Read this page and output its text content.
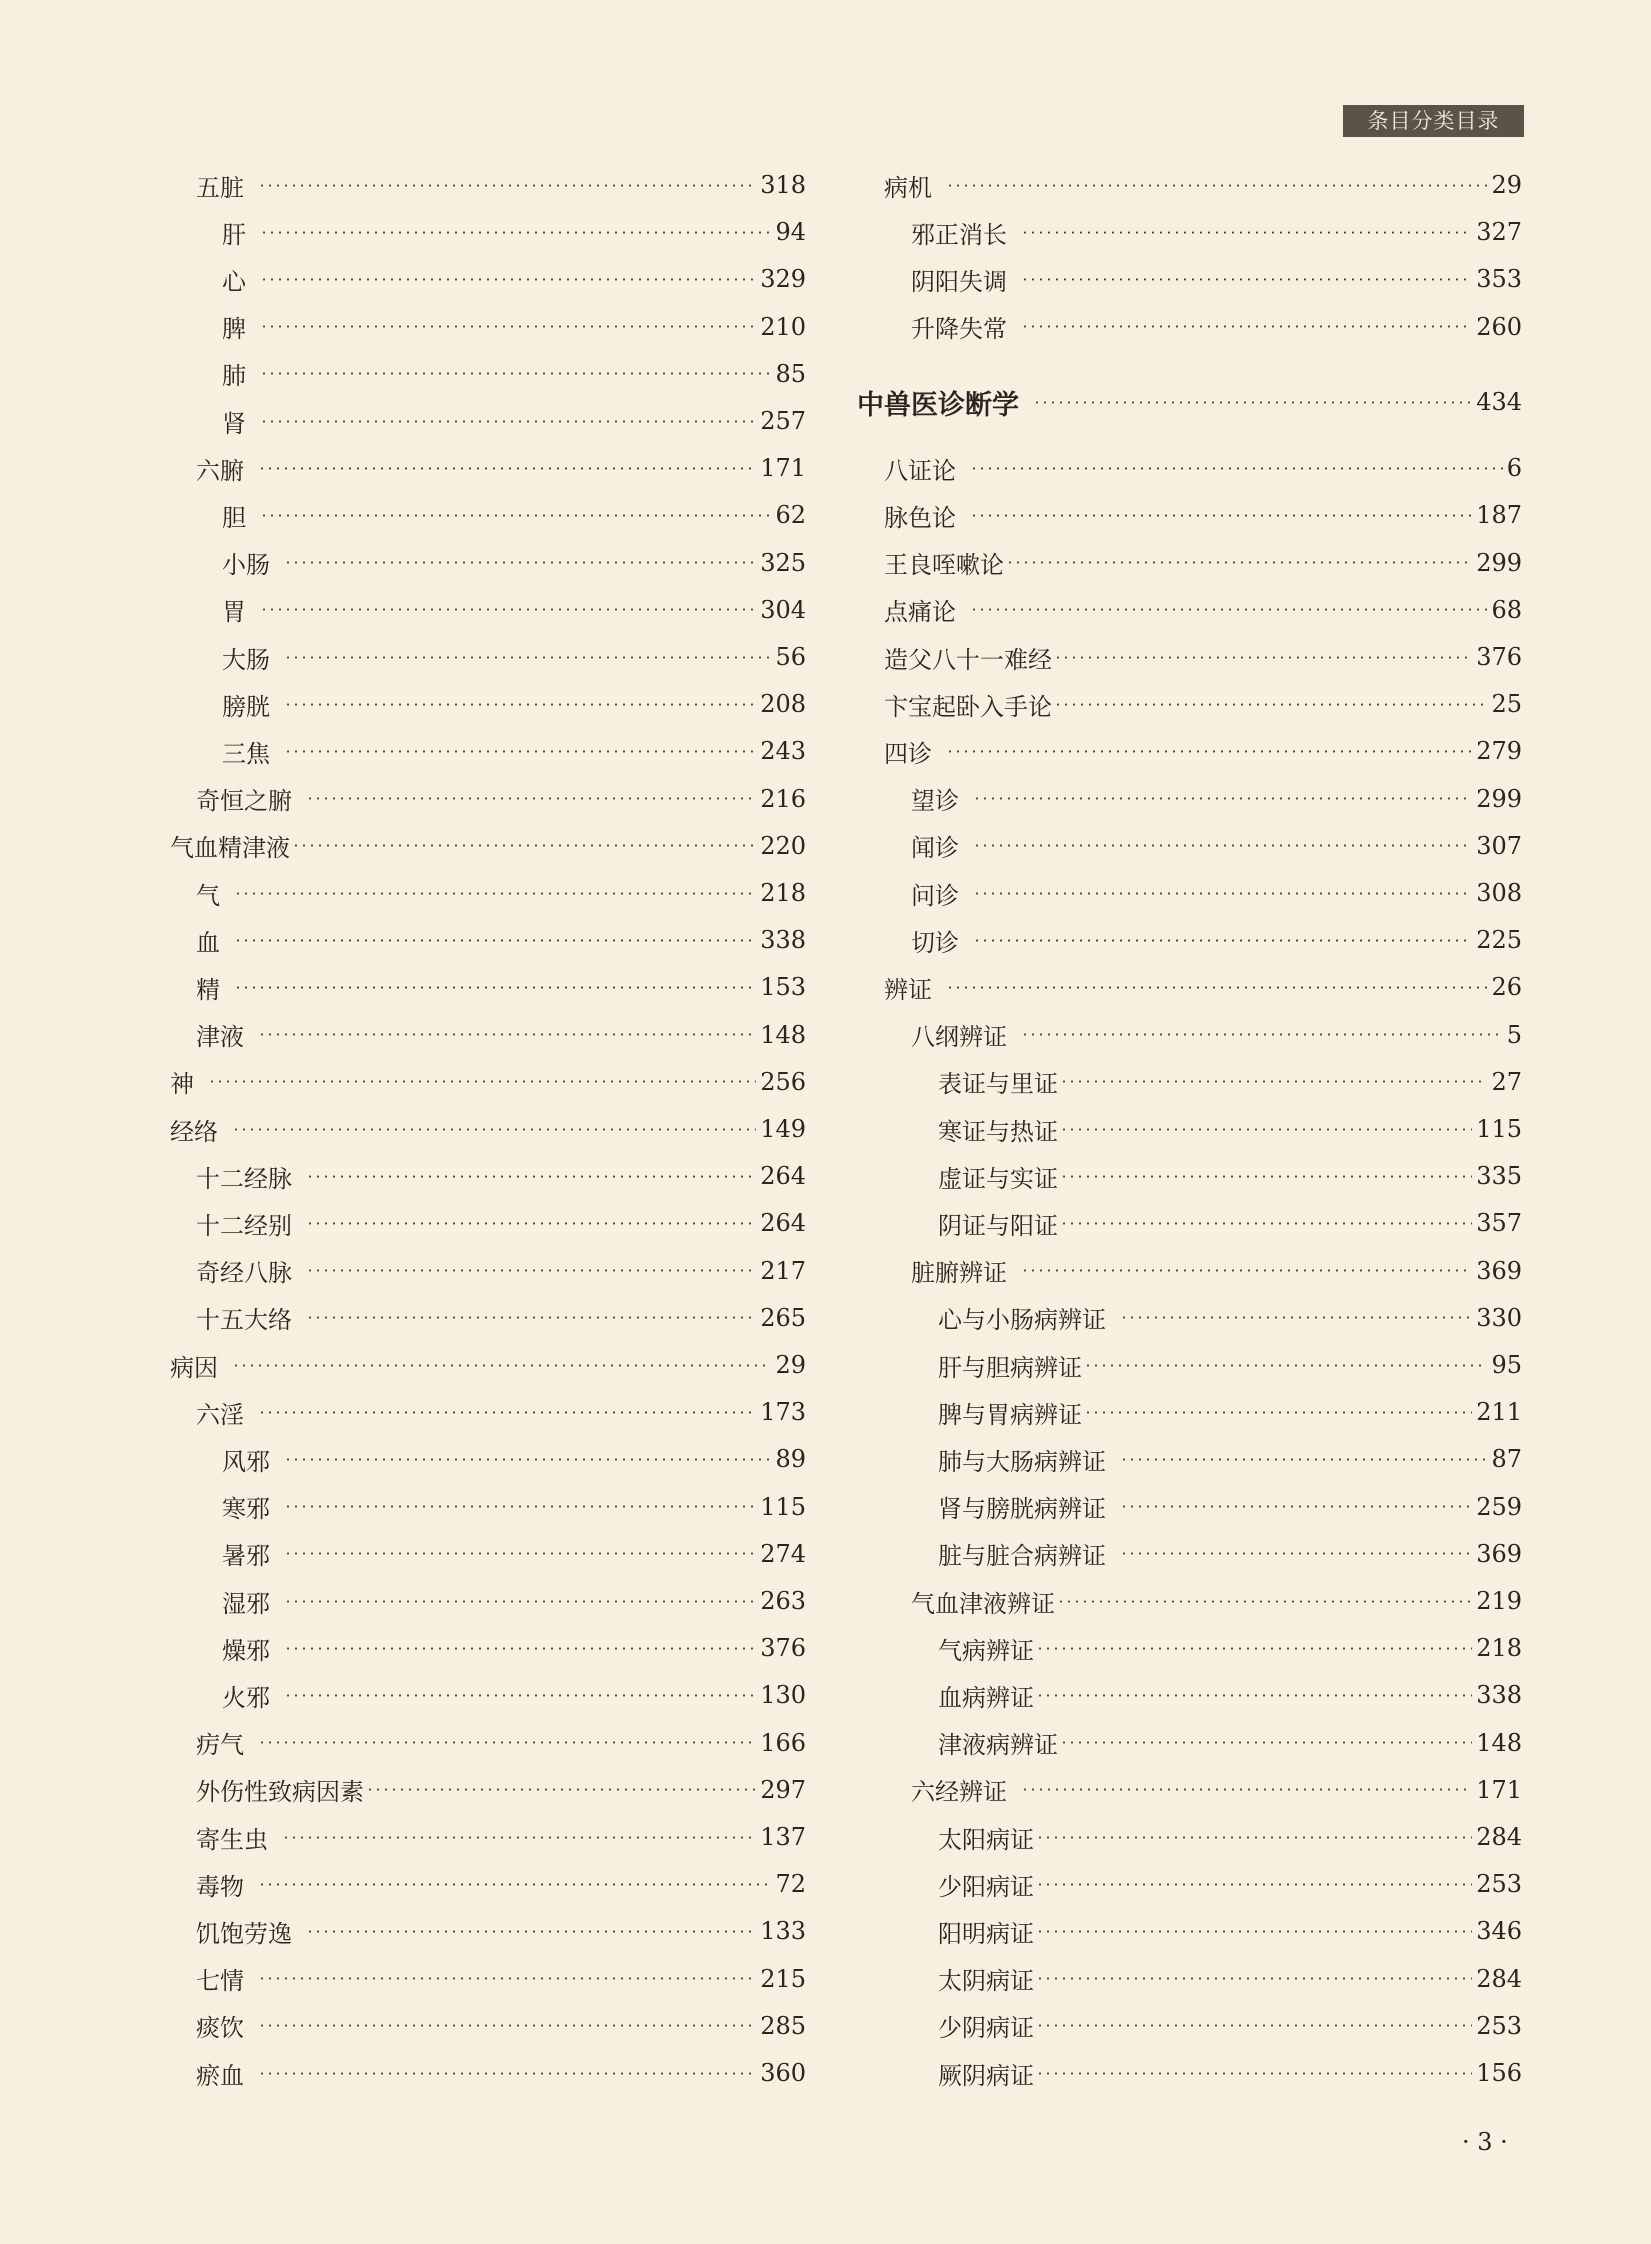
条目分类目录
五脏	318
肝	94
心	329
脾	210
肺	85
肾	257
六腑	171
胆	62
小肠	325
胃	304
大肠	56
膀胱	208
三焦	243
奇恒之腑	216
气血精津液	220
气	218
血	338
精	153
津液	148
神	256
经络	149
十二经脉	264
十二经别	264
奇经八脉	217
十五大络	265
病因	29
六淫	173
风邪	89
寒邪	115
暑邪	274
湿邪	263
燥邪	376
火邪	130
疠气	166
外伤性致病因素	297
寄生虫	137
毒物	72
饥饱劳逸	133
七情	215
痰饮	285
瘀血	360
病机	29
邪正消长	327
阴阳失调	353
升降失常	260
中兽医诊断学	434
八证论	6
脉色论	187
王良咥嗽论	299
点痛论	68
造父八十一难经	376
卞宝起卧入手论	25
四诊	279
望诊	299
闻诊	307
问诊	308
切诊	225
辨证	26
八纲辨证	5
表证与里证	27
寒证与热证	115
虚证与实证	335
阴证与阳证	357
脏腑辨证	369
心与小肠病辨证	330
肝与胆病辨证	95
脾与胃病辨证	211
肺与大肠病辨证	87
肾与膀胱病辨证	259
脏与脏合病辨证	369
气血津液辨证	219
气病辨证	218
血病辨证	338
津液病辨证	148
六经辨证	171
太阳病证	284
少阳病证	253
阳明病证	346
太阴病证	284
少阴病证	253
厥阴病证	156
· 3 ·
